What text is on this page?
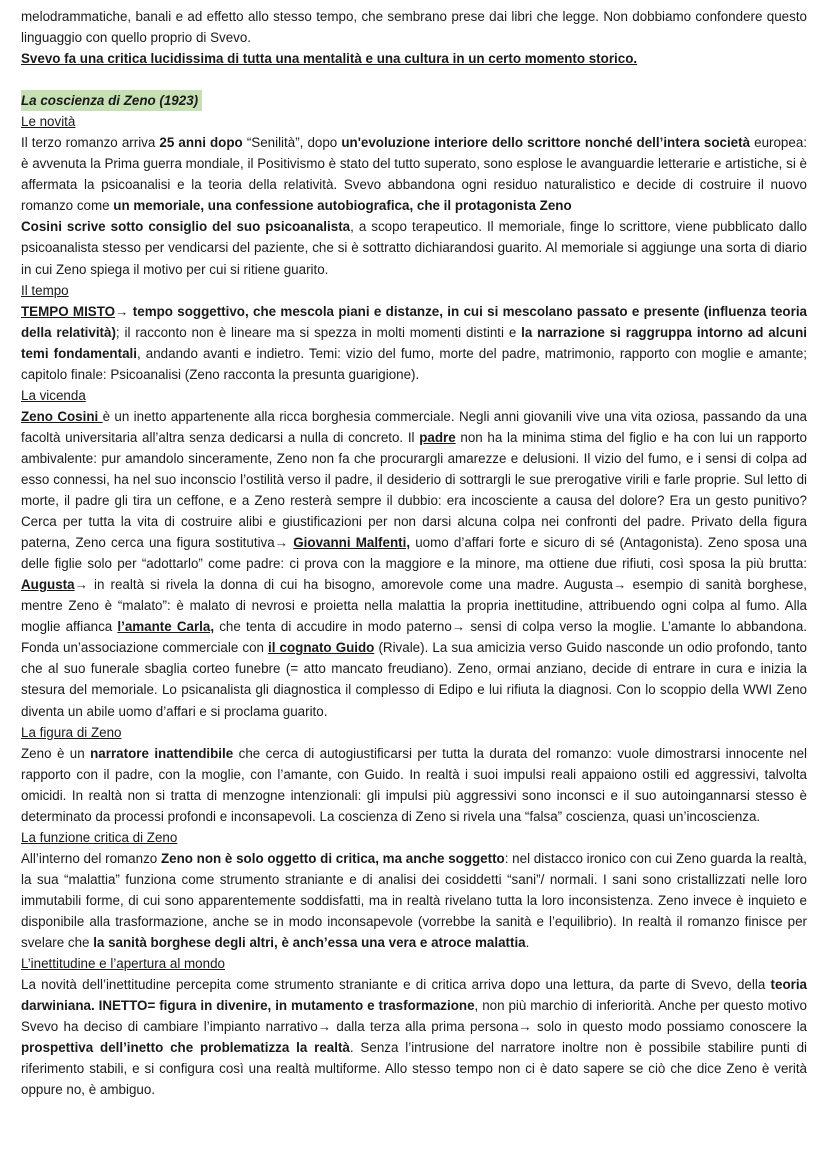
melodrammatiche, banali e ad effetto allo stesso tempo, che sembrano prese dai libri che legge. Non dobbiamo confondere questo linguaggio con quello proprio di Svevo.

Svevo fa una critica lucidissima di tutta una mentalità e una cultura in un certo momento storico.

La coscienza di Zeno (1923)

Le novità

Il terzo romanzo arriva 25 anni dopo “Senilità”, dopo un'evoluzione interiore dello scrittore nonché dell’intera società europea: è avvenuta la Prima guerra mondiale, il Positivismo è stato del tutto superato, sono esplose le avanguardie letterarie e artistiche, si è affermata la psicoanalisi e la teoria della relatività. Svevo abbandona ogni residuo naturalistico e decide di costruire il nuovo romanzo come un memoriale, una confessione autobiografica, che il protagonista Zeno

Cosini scrive sotto consiglio del suo psicoanalista, a scopo terapeutico. Il memoriale, finge lo scrittore, viene pubblicato dallo psicoanalista stesso per vendicarsi del paziente, che si è sottratto dichiarandosi guarito. Al memoriale si aggiunge una sorta di diario in cui Zeno spiega il motivo per cui si ritiene guarito.

Il tempo

TEMPO MISTO→ tempo soggettivo, che mescola piani e distanze, in cui si mescolano passato e presente (influenza teoria della relatività); il racconto non è lineare ma si spezza in molti momenti distinti e la narrazione si raggruppa intorno ad alcuni temi fondamentali, andando avanti e indietro. Temi: vizio del fumo, morte del padre, matrimonio, rapporto con moglie e amante; capitolo finale: Psicoanalisi (Zeno racconta la presunta guarigione).

La vicenda

Zeno Cosini è un inetto appartenente alla ricca borghesia commerciale. Negli anni giovanili vive una vita oziosa, passando da una facoltà universitaria all’altra senza dedicarsi a nulla di concreto. Il padre non ha la minima stima del figlio e ha con lui un rapporto ambivalente: pur amandolo sinceramente, Zeno non fa che procurargli amarezze e delusioni. Il vizio del fumo, e i sensi di colpa ad esso connessi, ha nel suo inconscio l’ostilità verso il padre, il desiderio di sottrargli le sue prerogative virili e farle proprie. Sul letto di morte, il padre gli tira un ceffone, e a Zeno resterà sempre il dubbio: era incosciente a causa del dolore? Era un gesto punitivo? Cerca per tutta la vita di costruire alibi e giustificazioni per non darsi alcuna colpa nei confronti del padre. Privato della figura paterna, Zeno cerca una figura sostitutiva→ Giovanni Malfenti, uomo d’affari forte e sicuro di sé (Antagonista). Zeno sposa una delle figlie solo per “adottarlo” come padre: ci prova con la maggiore e la minore, ma ottiene due rifiuti, così sposa la più brutta: Augusta→ in realtà si rivela la donna di cui ha bisogno, amorevole come una madre. Augusta→ esempio di sanità borghese, mentre Zeno è “malato”: è malato di nevrosi e proietta nella malattia la propria inettitudine, attribuendo ogni colpa al fumo. Alla moglie affianca l’amante Carla, che tenta di accudire in modo paterno→ sensi di colpa verso la moglie. L’amante lo abbandona. Fonda un’associazione commerciale con il cognato Guido (Rivale). La sua amicizia verso Guido nasconde un odio profondo, tanto che al suo funerale sbaglia corteo funebre (= atto mancato freudiano). Zeno, ormai anziano, decide di entrare in cura e inizia la stesura del memoriale. Lo psicanalista gli diagnostica il complesso di Edipo e lui rifiuta la diagnosi. Con lo scoppio della WWI Zeno diventa un abile uomo d’affari e si proclama guarito.

La figura di Zeno

Zeno è un narratore inattendibile che cerca di autogiustificarsi per tutta la durata del romanzo: vuole dimostrarsi innocente nel rapporto con il padre, con la moglie, con l’amante, con Guido. In realtà i suoi impulsi reali appaiono ostili ed aggressivi, talvolta omicidi. In realtà non si tratta di menzogne intenzionali: gli impulsi più aggressivi sono inconsci e il suo autoingannarsi stesso è determinato da processi profondi e inconsapevoli. La coscienza di Zeno si rivela una “falsa” coscienza, quasi un’incoscienza.

La funzione critica di Zeno

All’interno del romanzo Zeno non è solo oggetto di critica, ma anche soggetto: nel distacco ironico con cui Zeno guarda la realtà, la sua “malattia” funziona come strumento straniante e di analisi dei cosiddetti “sani”/ normali. I sani sono cristallizzati nelle loro immutabili forme, di cui sono apparentemente soddisfatti, ma in realtà rivelano tutta la loro inconsistenza. Zeno invece è inquieto e disponibile alla trasformazione, anche se in modo inconsapevole (vorrebbe la sanità e l’equilibrio). In realtà il romanzo finisce per svelare che la sanità borghese degli altri, è anch’essa una vera e atroce malattia.

L’inettitudine e l’apertura al mondo

La novità dell’inettitudine percepita come strumento straniante e di critica arriva dopo una lettura, da parte di Svevo, della teoria darwiniana. INETTO= figura in divenire, in mutamento e trasformazione, non più marchio di inferiorità. Anche per questo motivo Svevo ha deciso di cambiare l’impianto narrativo→ dalla terza alla prima persona→ solo in questo modo possiamo conoscere la prospettiva dell’inetto che problematizza la realtà. Senza l’intrusione del narratore inoltre non è possibile stabilire punti di riferimento stabili, e si configura così una realtà multiforme. Allo stesso tempo non ci è dato sapere se ciò che dice Zeno è verità oppure no, è ambiguo.
